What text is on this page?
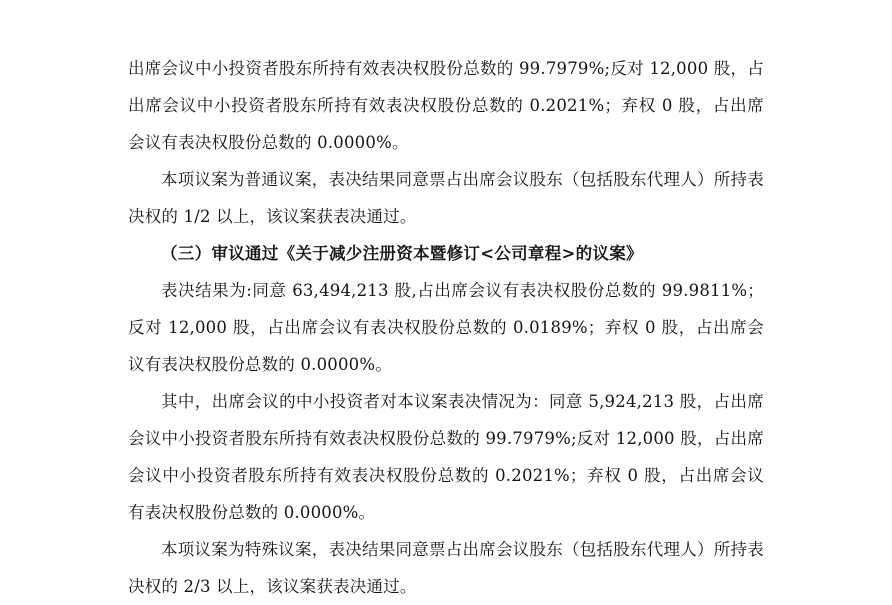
出席会议中小投资者股东所持有效表决权股份总数的 99.7979%;反对 12,000 股，占出席会议中小投资者股东所持有效表决权股份总数的 0.2021%；弃权 0 股，占出席会议有表决权股份总数的 0.0000%。

本项议案为普通议案，表决结果同意票占出席会议股东（包括股东代理人）所持表决权的 1/2 以上，该议案获表决通过。

（三）审议通过《关于减少注册资本暨修订<公司章程>的议案》

表决结果为:同意 63,494,213 股,占出席会议有表决权股份总数的 99.9811%；反对 12,000 股，占出席会议有表决权股份总数的 0.0189%；弃权 0 股，占出席会议有表决权股份总数的 0.0000%。

其中，出席会议的中小投资者对本议案表决情况为：同意 5,924,213 股，占出席会议中小投资者股东所持有效表决权股份总数的 99.7979%;反对 12,000 股，占出席会议中小投资者股东所持有效表决权股份总数的 0.2021%；弃权 0 股，占出席会议有表决权股份总数的 0.0000%。

本项议案为特殊议案，表决结果同意票占出席会议股东（包括股东代理人）所持表决权的 2/3 以上，该议案获表决通过。
